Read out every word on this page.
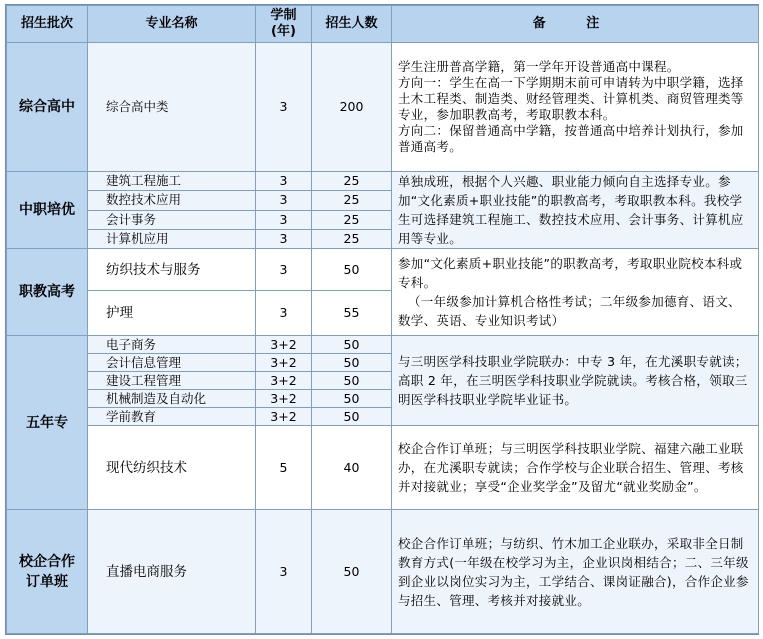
招生批次	专业名称	学制(年)	招生人数	备 注
综合高中	综合高中类	3	200	学生注册普高学籍，第一学年开设普通高中课程。

方向一：学生在高一下学期期末前可申请转为中职学籍，选择土木工程类、制造类、财经管理类、计算机类、商贸管理类等专业，参加职教高考，考取职教本科。

方向二：保留普通高中学籍，按普通高中培养计划执行，参加普通高考。

中职培优	建筑工程施工	3	25	单独成班，根据个人兴趣、职业能力倾向自主选择专业。参加“文化素质+职业技能”的职教高考，考取职教本科。我校学生可选择建筑工程施工、数控技术应用、会计事务、计算机应用等专业。

	数控技术应用	3	25	
	会计事务	3	25	
	计算机应用	3	25	
职教高考	纺织技术与服务	3	50	参加“文化素质+职业技能”的职教高考，考取职业院校本科或专科。

（一年级参加计算机合格性考试；二年级参加德育、语文、数学、英语、专业知识考试）

	护理	3	55	
五年专	电子商务	3+2	50	与三明医学科技职业学院联办：中专 3 年，在尤溪职专就读；高职 2 年，在三明医学科技职业学院就读。考核合格，领取三明医学科技职业学院毕业证书。

	会计信息管理	3+2	50	
	建设工程管理	3+2	50	
	机械制造及自动化	3+2	50	
	学前教育	3+2	50	
	现代纺织技术	5	40	校企合作订单班；与三明医学科技职业学院、福建六融工业联办，在尤溪职专就读；合作学校与企业联合招生、管理、考核并对接就业；享受“企业奖学金”及留尤“就业奖励金”。

校企合作订单班	直播电商服务	3	50	校企合作订单班；与纺织、竹木加工企业联办，采取非全日制教育方式(一年级在校学习为主，企业识岗相结合；二、三年级到企业以岗位实习为主，工学结合、课岗证融合)，合作企业参与招生、管理、考核并对接就业。
